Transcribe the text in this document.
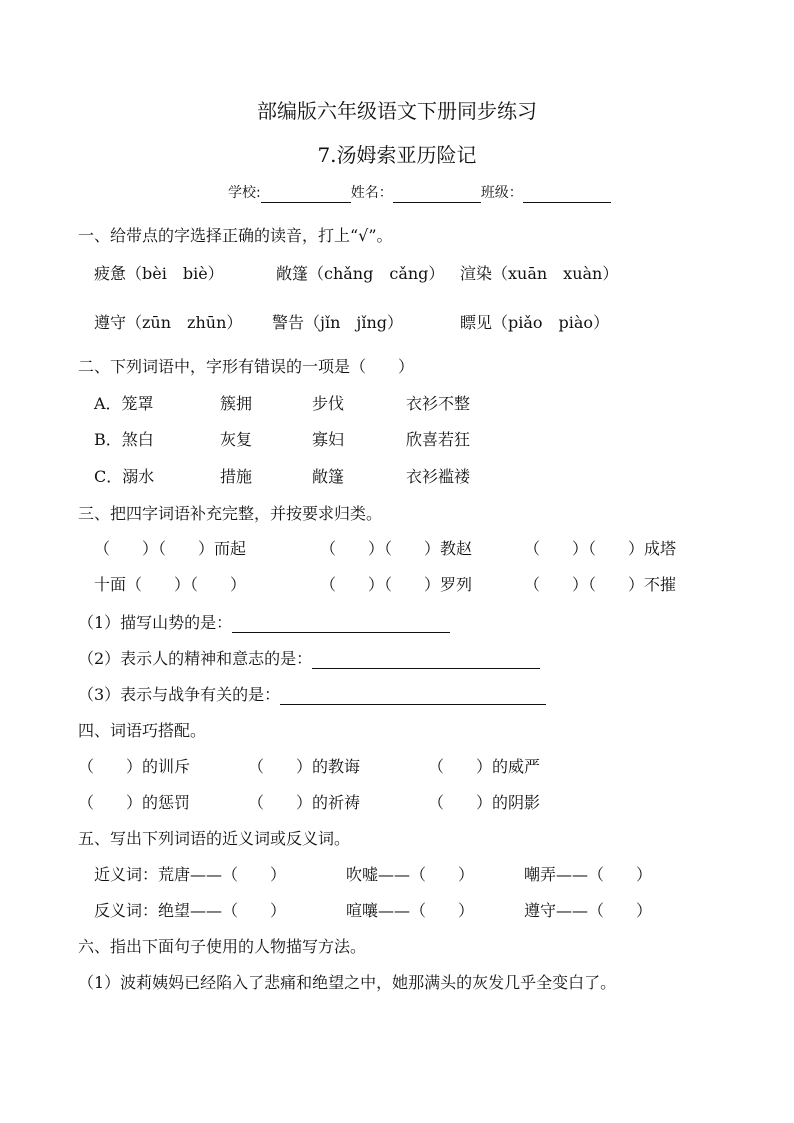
部编版六年级语文下册同步练习
7.汤姆索亚历险记
学校:	姓名：	班级：
一、给带点的字选择正确的读音，打上“√”。
疲惫（bèi　biè）	敞篷（chǎng　cǎng） 渲染（xuān　xuàn）
遵守（zūn　zhūn） 警告（jǐn　jǐng）	瞟见（piǎo　piào）
二、下列词语中，字形有错误的一项是（　　）
A．笼罩	簇拥	步伐	衣衫不整
B．煞白	灰复	寡妇	欣喜若狂
C．溺水	措施	敞篷	衣衫褴褛
三、把四字词语补充完整，并按要求归类。
（　　）（　　）而起	（　　）（　　）教赵	（　　）（　　）成塔
十面（　　）（　　）	（　　）（　　）罗列	（　　）（　　）不摧
（1）描写山势的是：
（2）表示人的精神和意志的是：
（3）表示与战争有关的是：
四、词语巧搭配。
（　　）的训斥	（　　）的教诲	（　　）的威严
（　　）的惩罚	（　　）的祈祷	（　　）的阴影
五、写出下列词语的近义词或反义词。
近义词：荒唐——（　　）	吹嘘——（　　）	嘲弄——（　　）
反义词：绝望——（　　）	喧嚷——（　　）	遵守——（　　）
六、指出下面句子使用的人物描写方法。
（1）波莉姨妈已经陷入了悲痛和绝望之中，她那满头的灰发几乎全变白了。
